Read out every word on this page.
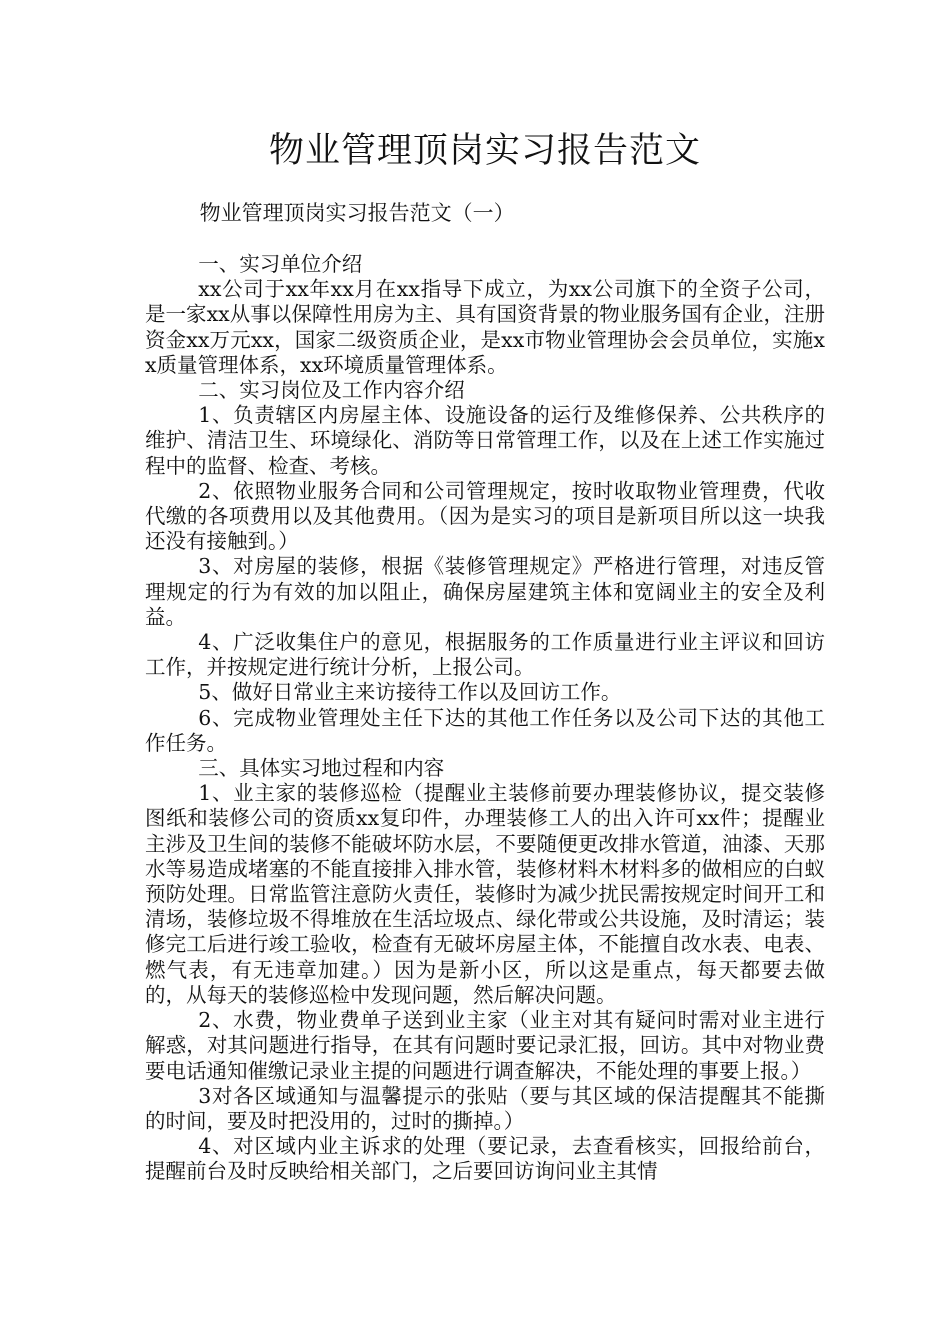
物业管理顶岗实习报告范文
物业管理顶岗实习报告范文（一）

一、实习单位介绍

xx公司于xx年xx月在xx指导下成立，为xx公司旗下的全资子公司，是一家xx从事以保障性用房为主、具有国资背景的物业服务国有企业，注册资金xx万元xx，国家二级资质企业，是xx市物业管理协会会员单位，实施xx质量管理体系，xx环境质量管理体系。

二、实习岗位及工作内容介绍

1、负责辖区内房屋主体、设施设备的运行及维修保养、公共秩序的维护、清洁卫生、环境绿化、消防等日常管理工作，以及在上述工作实施过程中的监督、检查、考核。

2、依照物业服务合同和公司管理规定，按时收取物业管理费，代收代缴的各项费用以及其他费用。（因为是实习的项目是新项目所以这一块我还没有接触到。）

3、对房屋的装修，根据《装修管理规定》严格进行管理，对违反管理规定的行为有效的加以阻止，确保房屋建筑主体和宽阔业主的安全及利益。

4、广泛收集住户的意见，根据服务的工作质量进行业主评议和回访工作，并按规定进行统计分析，上报公司。

5、做好日常业主来访接待工作以及回访工作。

6、完成物业管理处主任下达的其他工作任务以及公司下达的其他工作任务。

三、具体实习地过程和内容

1、业主家的装修巡检（提醒业主装修前要办理装修协议，提交装修图纸和装修公司的资质xx复印件，办理装修工人的出入许可xx件；提醒业主涉及卫生间的装修不能破坏防水层，不要随便更改排水管道，油漆、天那水等易造成堵塞的不能直接排入排水管，装修材料木材料多的做相应的白蚁预防处理。日常监管注意防火责任，装修时为减少扰民需按规定时间开工和清场，装修垃圾不得堆放在生活垃圾点、绿化带或公共设施，及时清运；装修完工后进行竣工验收，检查有无破坏房屋主体，不能擅自改水表、电表、燃气表，有无违章加建。）因为是新小区，所以这是重点，每天都要去做的，从每天的装修巡检中发现问题，然后解决问题。

2、水费，物业费单子送到业主家（业主对其有疑问时需对业主进行解惑，对其问题进行指导，在其有问题时要记录汇报，回访。其中对物业费要电话通知催缴记录业主提的问题进行调查解决，不能处理的事要上报。）

3对各区域通知与温馨提示的张贴（要与其区域的保洁提醒其不能撕的时间，要及时把没用的，过时的撕掉。）

4、对区域内业主诉求的处理（要记录，去查看核实，回报给前台，提醒前台及时反映给相关部门，之后要回访询问业主其情
